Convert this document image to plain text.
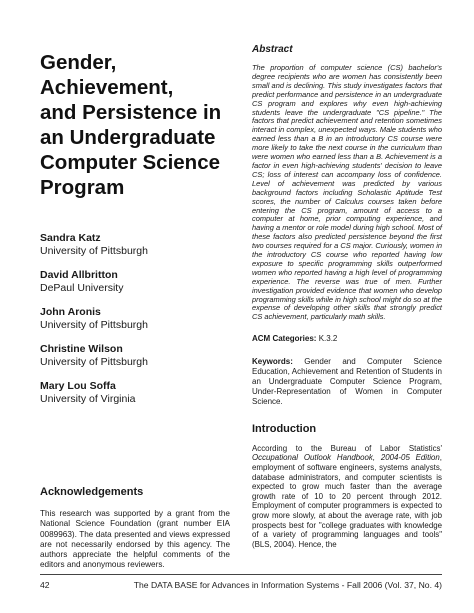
Gender,
Achievement,
and Persistence in
an Undergraduate
Computer Science
Program
Sandra Katz
University of Pittsburgh
David Allbritton
DePaul University
John Aronis
University of Pittsburgh
Christine Wilson
University of Pittsburgh
Mary Lou Soffa
University of Virginia
Acknowledgements

This research was supported by a grant from the National Science Foundation (grant number EIA 0089963). The data presented and views expressed are not necessarily endorsed by this agency. The authors appreciate the helpful comments of the editors and anonymous reviewers.

Abstract

The proportion of computer science (CS) bachelor's degree recipients who are women has consistently been small and is declining. This study investigates factors that predict performance and persistence in an undergraduate CS program and explores why even high-achieving students leave the undergraduate "CS pipeline." The factors that predict achievement and retention sometimes interact in complex, unexpected ways. Male students who earned less than a B in an introductory CS course were more likely to take the next course in the curriculum than were women who earned less than a B. Achievement is a factor in even high-achieving students' decision to leave CS; loss of interest can accompany loss of confidence. Level of achievement was predicted by various background factors including Scholastic Aptitude Test scores, the number of Calculus courses taken before entering the CS program, amount of access to a computer at home, prior computing experience, and having a mentor or role model during high school. Most of these factors also predicted persistence beyond the first two courses required for a CS major. Curiously, women in the introductory CS course who reported having low exposure to specific programming skills outperformed women who reported having a high level of programming experience. The reverse was true of men. Further investigation provided evidence that women who develop programming skills while in high school might do so at the expense of developing other skills that strongly predict CS achievement, particularly math skills.

ACM Categories: K.3.2
Keywords: Gender and Computer Science Education, Achievement and Retention of Students in an Undergraduate Computer Science Program, Under-Representation of Women in Computer Science.
Introduction

According to the Bureau of Labor Statistics' Occupational Outlook Handbook, 2004-05 Edition, employment of software engineers, systems analysts, database administrators, and computer scientists is expected to grow much faster than the average growth rate of 10 to 20 percent through 2012. Employment of computer programmers is expected to grow more slowly, at about the average rate, with job prospects best for "college graduates with knowledge of a variety of programming languages and tools" (BLS, 2004). Hence, the

42	The DATA BASE for Advances in Information Systems - Fall 2006 (Vol. 37, No. 4)
